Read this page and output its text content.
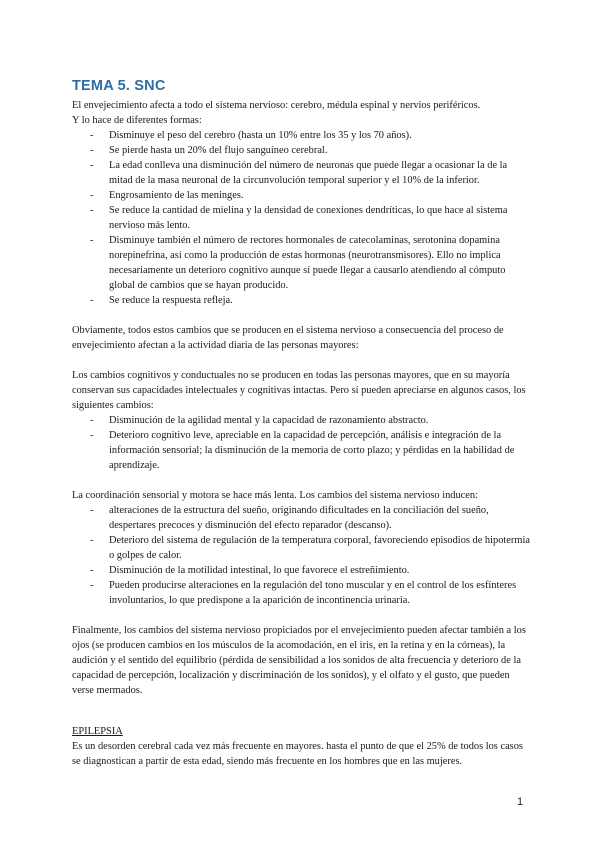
TEMA 5. SNC

El envejecimiento afecta a todo el sistema nervioso: cerebro, médula espinal y nervios periféricos.

Y lo hace de diferentes formas:

- Disminuye el peso del cerebro (hasta un 10% entre los 35 y los 70 años).
- Se pierde hasta un 20% del flujo sanguíneo cerebral.
- La edad conlleva una disminución del número de neuronas que puede llegar a ocasionar la de la mitad de la masa neuronal de la circunvolución temporal superior y el 10% de la inferior.
- Engrosamiento de las meninges.
- Se reduce la cantidad de mielina y la densidad de conexiones dendríticas, lo que hace al sistema nervioso más lento.
- Disminuye también el número de rectores hormonales de catecolaminas, serotonina dopamina norepinefrina, así como la producción de estas hormonas (neurotransmisores). Ello no implica necesariamente un deterioro cognitivo aunque sí puede llegar a causarlo atendiendo al cómputo global de cambios que se hayan producido.
- Se reduce la respuesta refleja.

Obviamente, todos estos cambios que se producen en el sistema nervioso a consecuencia del proceso de envejecimiento afectan a la actividad diaria de las personas mayores:

Los cambios cognitivos y conductuales no se producen en todas las personas mayores, que en su mayoría conservan sus capacidades intelectuales y cognitivas intactas. Pero sí pueden apreciarse en algunos casos, los siguientes cambios:

- Disminución de la agilidad mental y la capacidad de razonamiento abstracto.
- Deterioro cognitivo leve, apreciable en la capacidad de percepción, análisis e integración de la información sensorial; la disminución de la memoria de corto plazo; y pérdidas en la habilidad de aprendizaje.

La coordinación sensorial y motora se hace más lenta. Los cambios del sistema nervioso inducen:

- alteraciones de la estructura del sueño, originando dificultades en la conciliación del sueño, despertares precoces y disminución del efecto reparador (descanso).
- Deterioro del sistema de regulación de la temperatura corporal, favoreciendo episodios de hipotermia o golpes de calor.
- Disminución de la motilidad intestinal, lo que favorece el estreñimiento.
- Pueden producirse alteraciones en la regulación del tono muscular y en el control de los esfínteres involuntarios, lo que predispone a la aparición de incontinencia urinaria.

Finalmente, los cambios del sistema nervioso propiciados por el envejecimiento pueden afectar también a los ojos (se producen cambios en los músculos de la acomodación, en el iris, en la retina y en la córneas), la audición y el sentido del equilibrio (pérdida de sensibilidad a los sonidos de alta frecuencia y deterioro de la capacidad de percepción, localización y discriminación de los sonidos), y el olfato y el gusto, que pueden verse mermados.

EPILEPSIA

Es un desorden cerebral cada vez más frecuente en mayores. hasta el punto de que el 25% de todos los casos se diagnostican a partir de esta edad, siendo más frecuente en los hombres que en las mujeres.

1
